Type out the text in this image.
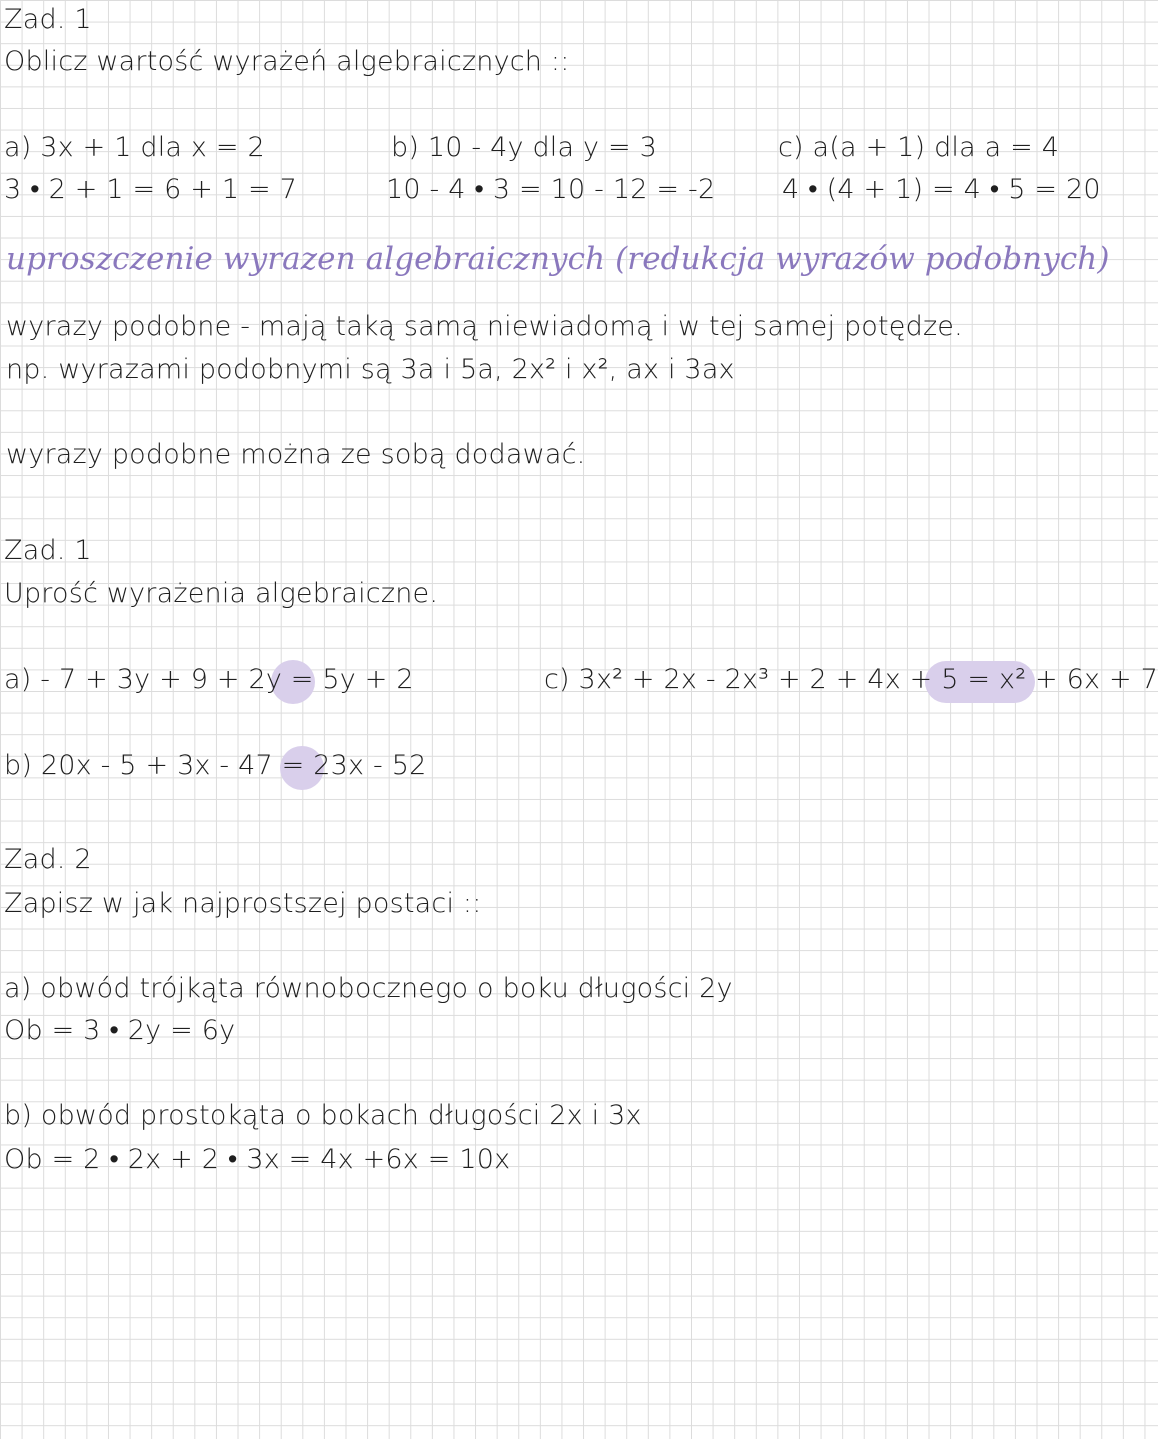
Zad. 1
Oblicz wartość wyrażeń algebraicznych ::
a) 3x + 1 dla x = 2
3 • 2 + 1 = 6 + 1 = 7
b) 10 - 4y dla y = 3
10 - 4 • 3 = 10 - 12 = -2
c) a(a + 1) dla a = 4
4 • (4 + 1) = 4 • 5 = 20
uproszczenie wyrazen algebraicznych (redukcja wyrazów podobnych)
wyrazy podobne - mają taką samą niewiadomą i w tej samej potędze.
np. wyrazami podobnymi są 3a i 5a, 2x² i x², ax i 3ax
wyrazy podobne można ze sobą dodawać.
Zad. 1
Uprość wyrażenia algebraiczne.
a) - 7 + 3y + 9 + 2y = 5y + 2	c) 3x² + 2x - 2x³ + 2 + 4x + 5 = x² + 6x + 7
b) 20x - 5 + 3x - 47 = 23x - 52
Zad. 2
Zapisz w jak najprostszej postaci ::
a) obwód trójkąta równobocznego o boku długości 2y
Ob = 3 • 2y = 6y
b) obwód prostokąta o bokach długości 2x i 3x
Ob = 2 • 2x + 2 • 3x = 4x +6x = 10x
